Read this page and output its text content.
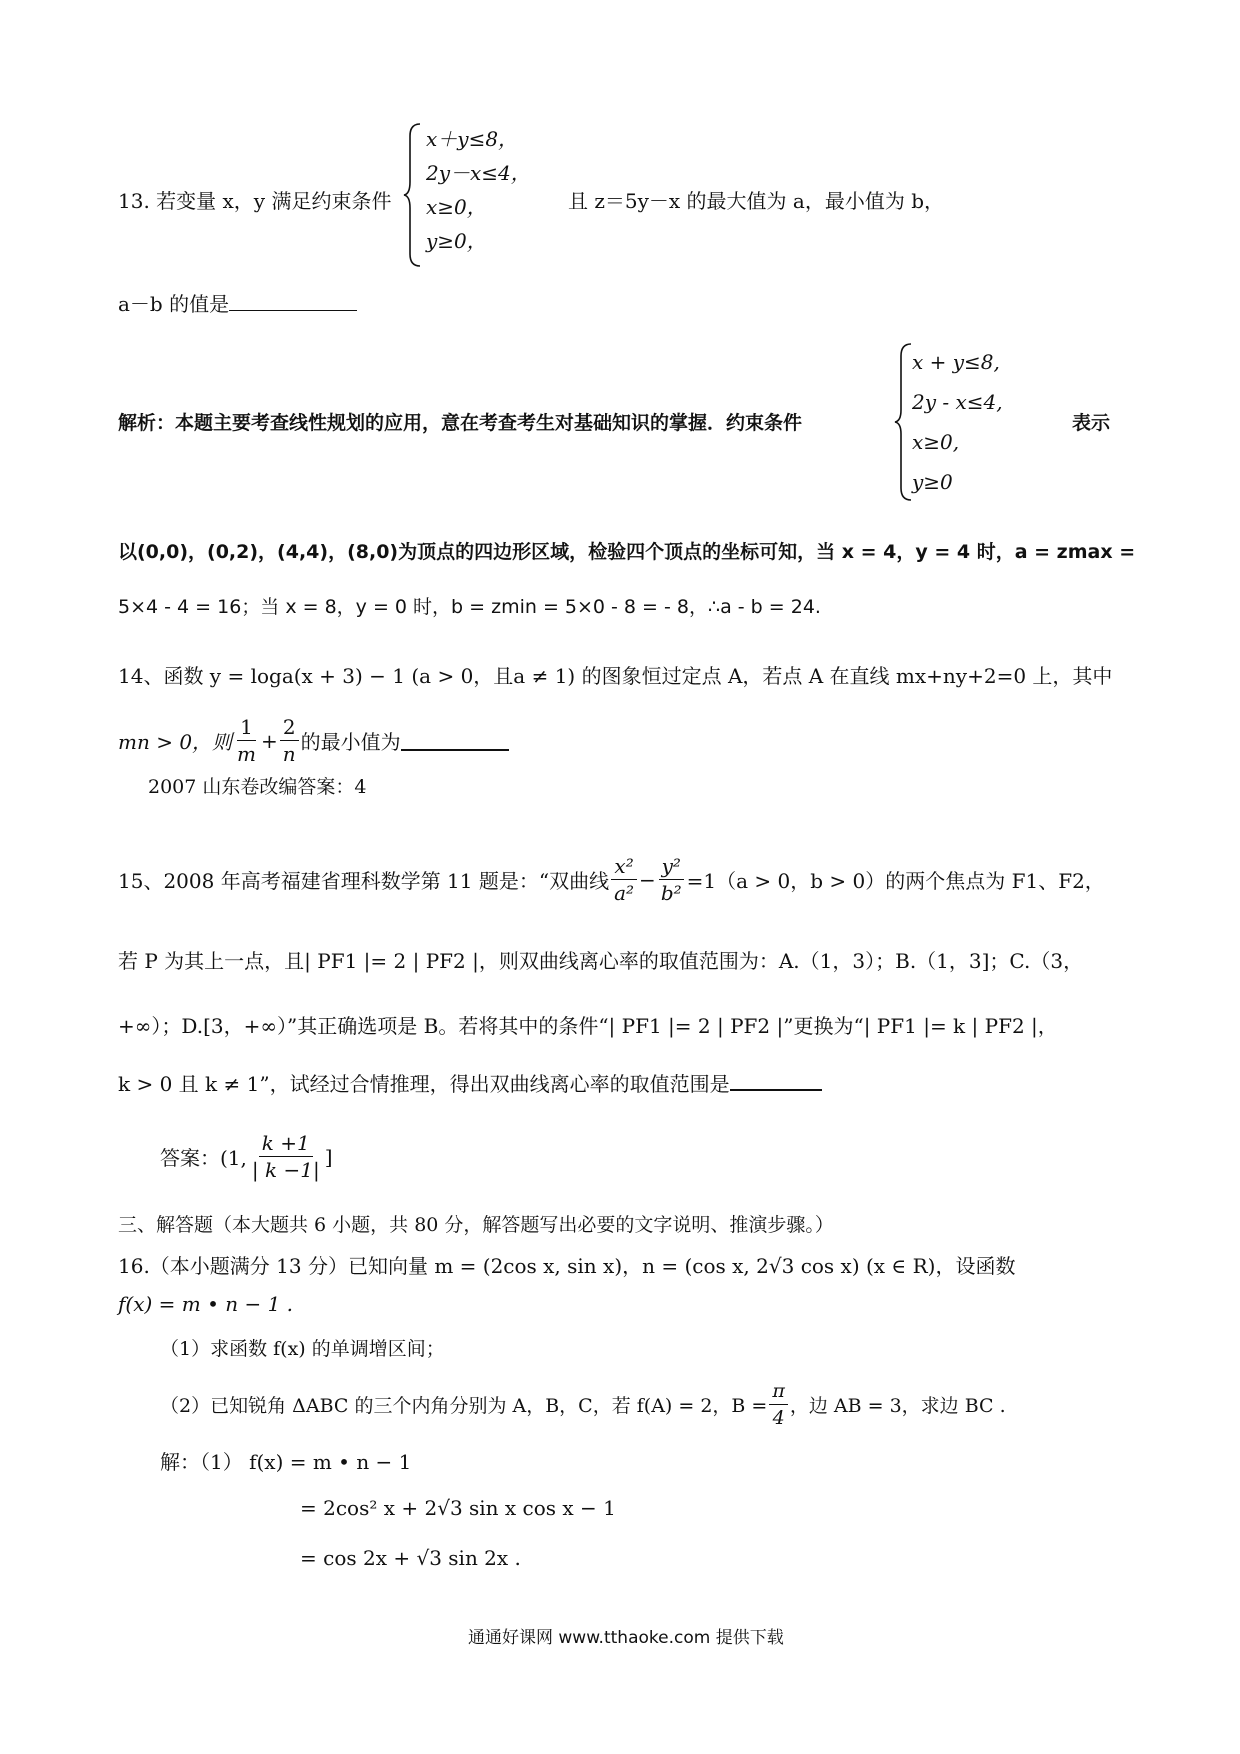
13. 若变量 x，y 满足约束条件
x＋y≤8，
2y－x≤4，
x≥0，
y≥0，
且 z＝5y－x 的最大值为 a，最小值为 b，
a－b 的值是
解析：本题主要考查线性规划的应用，意在考查考生对基础知识的掌握．约束条件
x + y≤8,
2y - x≤4,
x≥0,
y≥0
表示
以(0,0)，(0,2)，(4,4)，(8,0)为顶点的四边形区域，检验四个顶点的坐标可知，当 x = 4，y = 4 时，a = zmax =
5×4 - 4 = 16；当 x = 8，y = 0 时，b = zmin = 5×0 - 8 = - 8，∴a - b = 24.
14、函数 y = loga(x + 3) − 1 (a > 0，且a ≠ 1) 的图象恒过定点 A，若点 A 在直线 mx+ny+2=0 上，其中
mn > 0，则 $\frac{1}{m} + \frac{2}{n}$ 的最小值为
2007 山东卷改编答案：4
15、2008 年高考福建省理科数学第 11 题是：“双曲线 $\frac{\text{x²}}{\text{a²}} - \frac{\text{y²}}{\text{b²}} =1(a > 0$，b > 0）的两个焦点为 F1、F2，
若 P 为其上一点，且| PF1 |= 2 | PF2 |，则双曲线离心率的取值范围为：A.（1，3）；B.（1，3]；C.（3，
+∞）；D.[3，+∞）”其正确选项是 B。若将其中的条件“| PF1 |= 2 | PF2 |”更换为“| PF1 |= k | PF2 |，
k > 0 且 k ≠ 1”，试经过合情推理，得出双曲线离心率的取值范围是
答案：(1, $\frac{k +1}{| k -1|}$ ]
三、解答题（本大题共 6 小题，共 80 分，解答题写出必要的文字说明、推演步骤。）
16.（本小题满分 13 分）已知向量 m = (2cos x, sin x)，n = (cos x, 2√3 cos x) (x ∈ R)，设函数
f(x) = m • n − 1 .
（1）求函数 f(x) 的单调增区间；
（2）已知锐角 ΔABC 的三个内角分别为 A，B，C，若 f(A) = 2，$B = \frac{\pi}{4}$ ，边 AB = 3，求边 BC .
解：（1） f(x) = m • n − 1
= 2cos² x + 2√3 sin x cos x − 1
= cos 2x + √3 sin 2x .
通通好课网 www.tthaoke.com 提供下载
